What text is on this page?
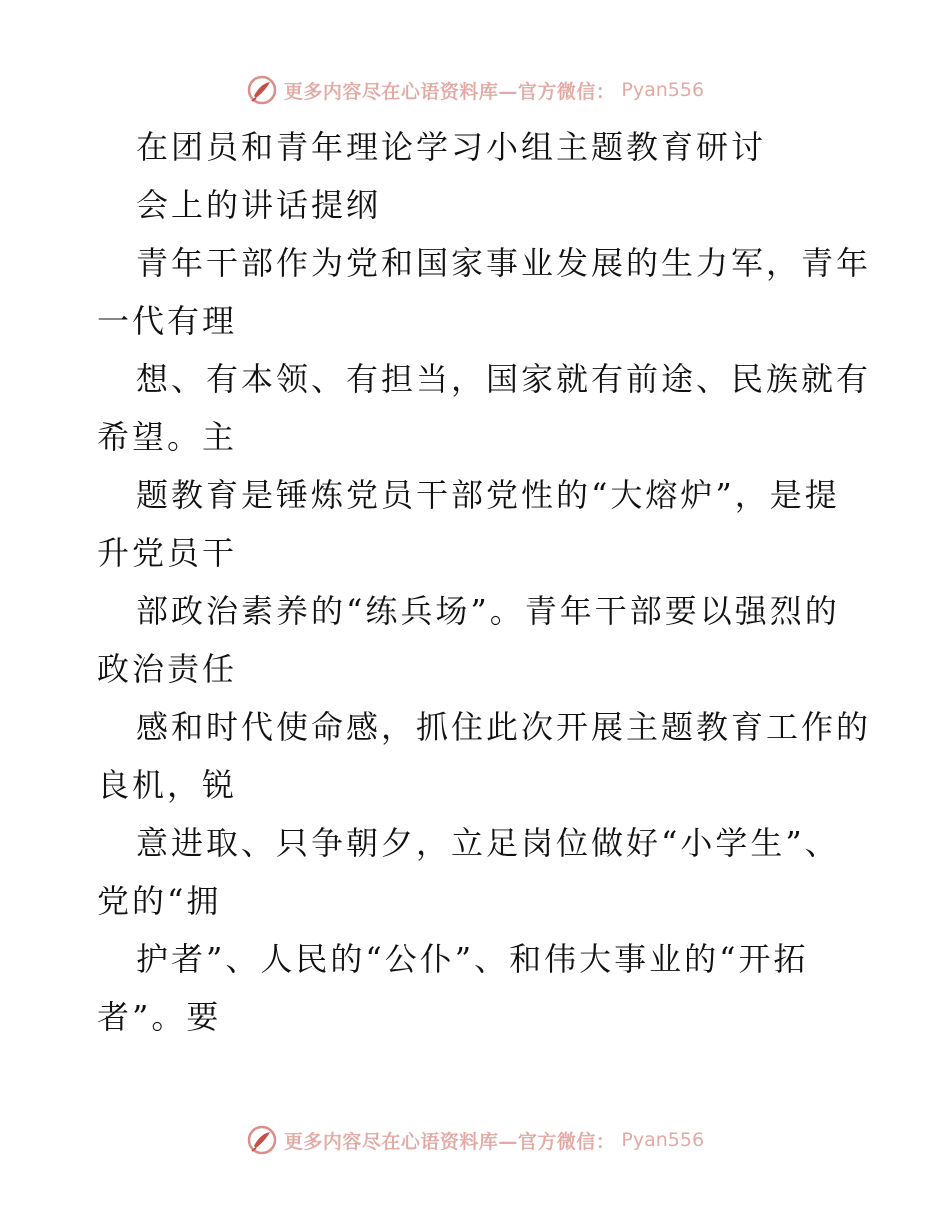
更多内容尽在心语资料库—官方微信： Pyan556
在团员和青年理论学习小组主题教育研讨
会上的讲话提纲
青年干部作为党和国家事业发展的生力军，青年
一代有理
想、有本领、有担当，国家就有前途、民族就有
希望。主
题教育是锤炼党员干部党性的“大熔炉”，是提
升党员干
部政治素养的“练兵场”。青年干部要以强烈的
政治责任
感和时代使命感，抓住此次开展主题教育工作的
良机，锐
意进取、只争朝夕，立足岗位做好“小学生”、
党的“拥
护者”、人民的“公仆”、和伟大事业的“开拓
者”。要
更多内容尽在心语资料库—官方微信： Pyan556
